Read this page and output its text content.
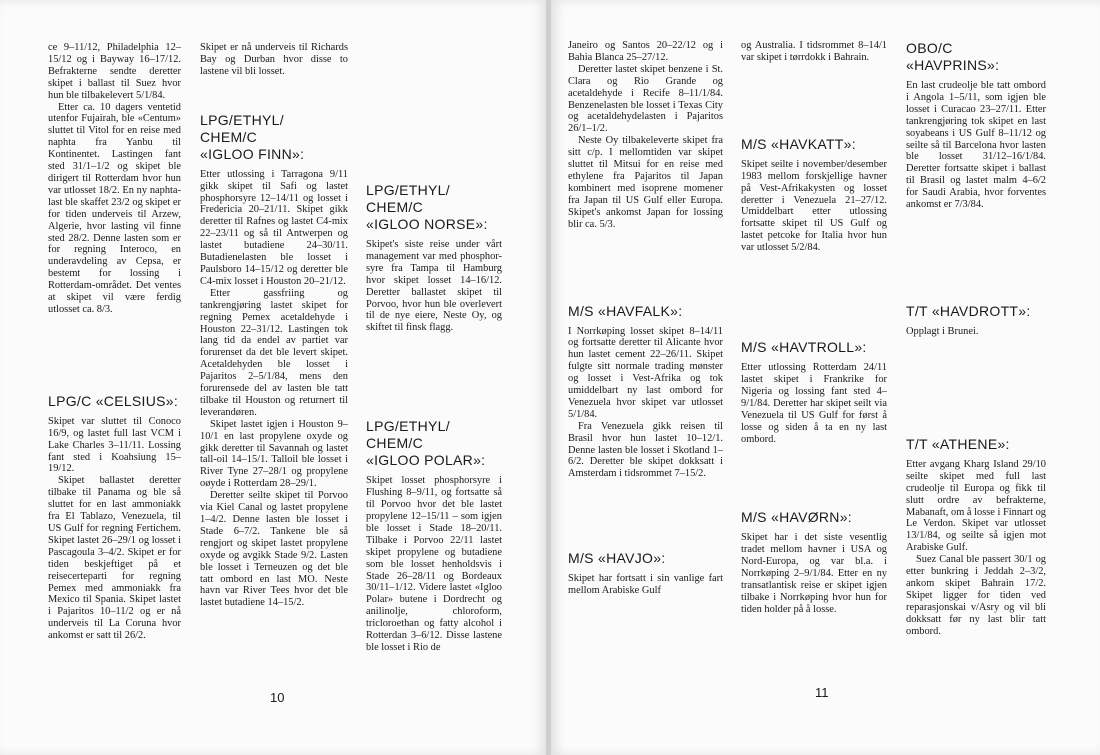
ce 9–11/12, Philadelphia 12–15/12 og i Bayway 16–17/12. Befrakterne sendte deretter skipet i ballast til Suez hvor hun ble tilbakelevert 5/1/84.

Etter ca. 10 dagers ventetid utenfor Fujairah, ble «Centum» sluttet til Vitol for en reise med naphta fra Yanbu til Kontinentet. Lastingen fant sted 31/1–1/2 og skipet ble dirigert til Rotterdam hvor hun var utlosset 18/2. En ny naphta-last ble skaffet 23/2 og skipet er for tiden underveis til Arzew, Algerie, hvor lasting vil finne sted 28/2. Denne lasten som er for regning Interoco, en underavdeling av Cepsa, er bestemt for lossing i Rotterdam-området. Det ventes at skipet vil være ferdig utlosset ca. 8/3.

LPG/C «CELSIUS»:

Skipet var sluttet til Conoco 16/9, og lastet full last VCM i Lake Charles 3–11/11. Lossing fant sted i Koahsiung 15–19/12.

Skipet ballastet deretter tilbake til Panama og ble så sluttet for en last ammoniakk fra El Tablazo, Venezuela, til US Gulf for regning Fertichem. Skipet lastet 26–29/1 og losset i Pascagoula 3–4/2. Skipet er for tiden beskjeftiget på et reisecerteparti for regning Pemex med ammoniakk fra Mexico til Spania. Skipet lastet i Pajaritos 10–11/2 og er nå underveis til La Coruna hvor ankomst er satt til 26/2.

Skipet er nå underveis til Richards Bay og Durban hvor disse to lastene vil bli losset.

LPG/ETHYL/
CHEM/C
«IGLOO FINN»:

Etter utlossing i Tarragona 9/11 gikk skipet til Safi og lastet phosphorsyre 12–14/11 og losset i Fredericia 20–21/11. Skipet gikk deretter til Rafnes og lastet C4-mix 22–23/11 og så til Antwerpen og lastet butadiene 24–30/11. Butadienelasten ble losset i Paulsboro 14–15/12 og deretter ble C4-mix losset i Houston 20–21/12.

Etter gassfriing og tankrengjøring lastet skipet for regning Pemex acetaldehyde i Houston 22–31/12. Lastingen tok lang tid da endel av partiet var forurenset da det ble levert skipet. Acetaldehyden ble losset i Pajaritos 2–5/1/84, mens den forurensede del av lasten ble tatt tilbake til Houston og returnert til leverandøren.

Skipet lastet igjen i Houston 9–10/1 en last propylene oxyde og gikk deretter til Savannah og lastet tall-oil 14–15/1. Talloil ble losset i River Tyne 27–28/1 og propylene oøyde i Rotterdam 28–29/1.

Deretter seilte skipet til Porvoo via Kiel Canal og lastet propylene 1–4/2. Denne lasten ble losset i Stade 6–7/2. Tankene ble så rengjort og skipet lastet propylene oxyde og avgikk Stade 9/2. Lasten ble losset i Terneuzen og det ble tatt ombord en last MO. Neste havn var River Tees hvor det ble lastet butadiene 14–15/2.

LPG/ETHYL/
CHEM/C
«IGLOO NORSE»:

Skipet's siste reise under vårt management var med phosphor-syre fra Tampa til Hamburg hvor skipet losset 14–16/12. Deretter ballastet skipet til Porvoo, hvor hun ble overlevert til de nye eiere, Neste Oy, og skiftet til finsk flagg.

LPG/ETHYL/
CHEM/C
«IGLOO POLAR»:

Skipet losset phosphorsyre i Flushing 8–9/11, og fortsatte så til Porvoo hvor det ble lastet propylene 12–15/11 – som igjen ble losset i Stade 18–20/11. Tilbake i Porvoo 22/11 lastet skipet propylene og butadiene som ble losset henholdsvis i Stade 26–28/11 og Bordeaux 30/11–1/12. Videre lastet «Igloo Polar» butene i Dordrecht og anilinolje, chloroform, tricloroethan og fatty alcohol i Rotterdan 3–6/12. Disse lastene ble losset i Rio de

10

Janeiro og Santos 20–22/12 og i Bahia Blanca 25–27/12.

Deretter lastet skipet benzene i St. Clara og Rio Grande og acetaldehyde i Recife 8–11/1/84. Benzenelasten ble losset i Texas City og acetaldehydelasten i Pajaritos 26/1–1/2.

Neste Oy tilbakeleverte skipet fra sitt c/p. I mellomtiden var skipet sluttet til Mitsui for en reise med ethylene fra Pajaritos til Japan kombinert med isoprene momener fra Japan til US Gulf eller Europa. Skipet's ankomst Japan for lossing blir ca. 5/3.

M/S «HAVFALK»:

I Norrkøping losset skipet 8–14/11 og fortsatte deretter til Alicante hvor hun lastet cement 22–26/11. Skipet fulgte sitt normale trading mønster og losset i Vest-Afrika og tok umiddelbart ny last ombord for Venezuela hvor skipet var utlosset 5/1/84.

Fra Venezuela gikk reisen til Brasil hvor hun lastet 10–12/1. Denne lasten ble losset i Skotland 1–6/2. Deretter ble skipet dokksatt i Amsterdam i tidsrommet 7–15/2.

M/S «HAVJO»:

Skipet har fortsatt i sin vanlige fart mellom Arabiske Gulf

og Australia. I tidsrommet 8–14/1 var skipet i tørrdokk i Bahrain.

M/S «HAVKATT»:

Skipet seilte i november/desember 1983 mellom forskjellige havner på Vest-Afrikakysten og losset deretter i Venezuela 21–27/12. Umiddelbart etter utlossing fortsatte skipet til US Gulf og lastet petcoke for Italia hvor hun var utlosset 5/2/84.

M/S «HAVTROLL»:

Etter utlossing Rotterdam 24/11 lastet skipet i Frankrike for Nigeria og lossing fant sted 4–9/1/84. Deretter har skipet seilt via Venezuela til US Gulf for først å losse og siden å ta en ny last ombord.

M/S «HAVØRN»:

Skipet har i det siste vesentlig tradet mellom havner i USA og Nord-Europa, og var bl.a. i Norrkøping 2–9/1/84. Etter en ny transatlantisk reise er skipet igjen tilbake i Norrkøping hvor hun for tiden holder på å losse.

OBO/C «HAVPRINS»:

En last crudeolje ble tatt ombord i Angola 1–5/11, som igjen ble losset i Curacao 23–27/11. Etter tankrengjøring tok skipet en last soyabeans i US Gulf 8–11/12 og seilte så til Barcelona hvor lasten ble losset 31/12–16/1/84. Deretter fortsatte skipet i ballast til Brasil og lastet malm 4–6/2 for Saudi Arabia, hvor forventes ankomst er 7/3/84.

T/T «HAVDROTT»:

Opplagt i Brunei.

T/T «ATHENE»:

Etter avgang Kharg Island 29/10 seilte skipet med full last crudeolje til Europa og fikk til slutt ordre av befrakterne, Mabanaft, om å losse i Finnart og Le Verdon. Skipet var utlosset 13/1/84, og seilte så igjen mot Arabiske Gulf.

Suez Canal ble passert 30/1 og etter bunkring i Jeddah 2–3/2, ankom skipet Bahrain 17/2. Skipet ligger for tiden ved reparasjonskai v/Asry og vil bli dokksatt før ny last blir tatt ombord.

11
